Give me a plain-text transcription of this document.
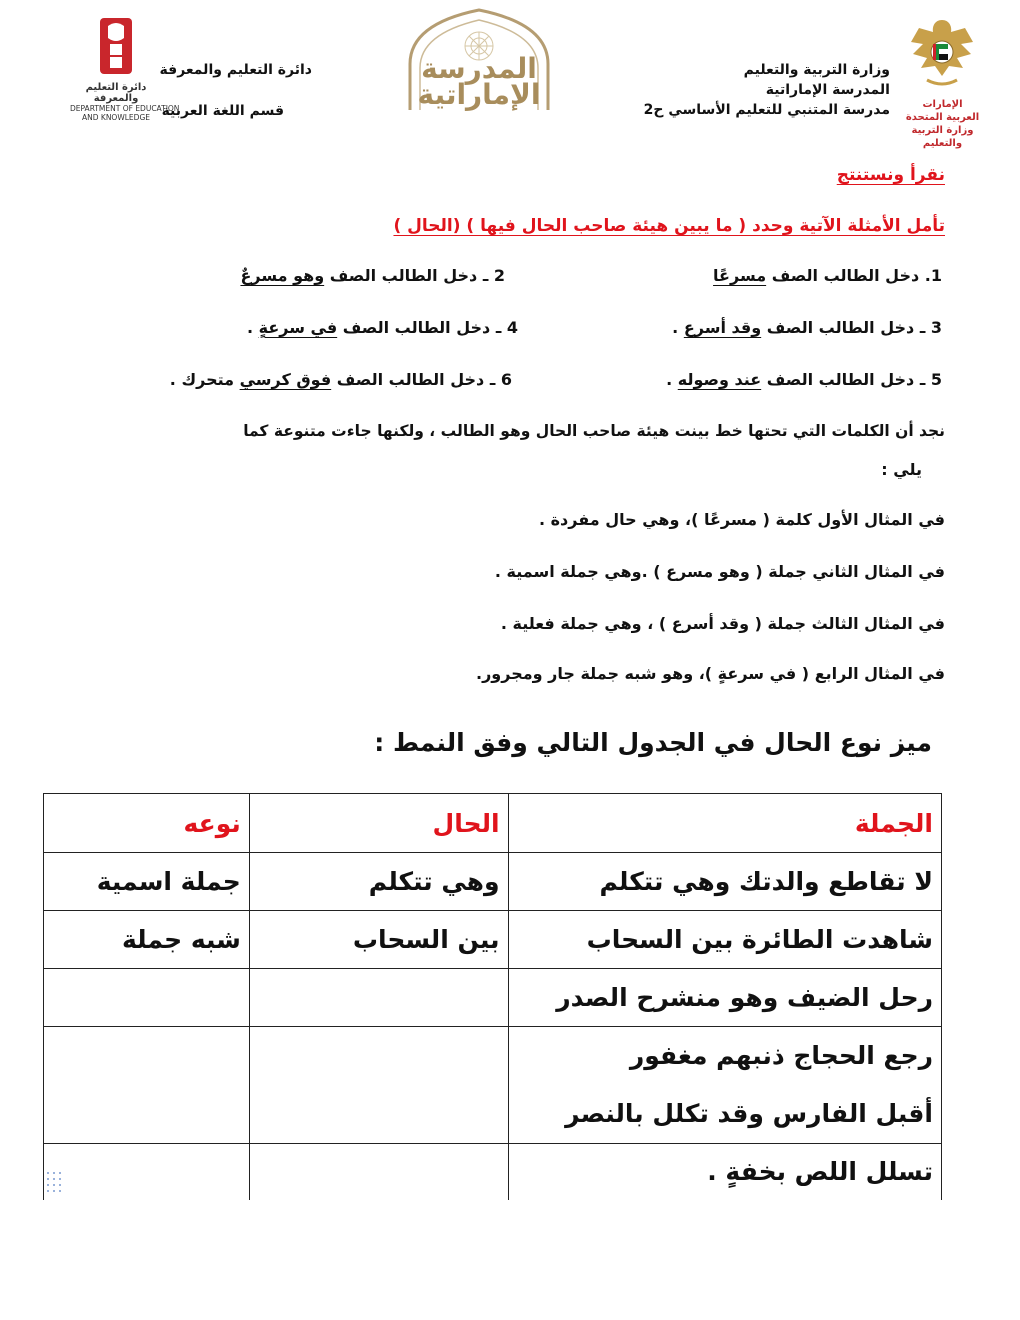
الإمارات العربية المتحدة
وزارة التربية والتعليم
وزارة التربية والتعليم
المدرسة الإماراتية
مدرسة المتنبي للتعليم الأساسي ح2
المدرسة
الإماراتية
دائرة التعليم والمعرفة
قسم اللغة العربية
دائرة التعليم والمعرفة
DEPARTMENT OF EDUCATION
AND KNOWLEDGE
نقرأ ونستنتج
تأمل الأمثلة الآتية وحدد ( ما يبين هيئة صاحب الحال فيها ) (الحال )
1. دخل الطالب الصف مسرعًا
2 ـ دخل الطالب الصف وهو مسرعٌ
3 ـ دخل الطالب الصف وقد أسرع .
4 ـ دخل الطالب الصف في سرعةٍ .
5 ـ دخل الطالب الصف عند وصوله .
6 ـ دخل الطالب الصف فوق كرسي متحرك .
نجد أن الكلمات التي تحتها خط بينت هيئة صاحب الحال وهو الطالب ، ولكنها جاءت متنوعة كما
يلي :
في المثال الأول كلمة ( مسرعًا )، وهي حال مفردة .
في المثال الثاني جملة ( وهو مسرع ) .وهي جملة اسمية .
في المثال الثالث جملة ( وقد أسرع ) ، وهي جملة فعلية .
في المثال الرابع ( في سرعةٍ )، وهو شبه جملة جار ومجرور.
ميز نوع الحال في الجدول التالي وفق النمط :
الجملة	الحال	نوعه
لا تقاطع والدتك وهي تتكلم	وهي تتكلم	جملة اسمية
شاهدت الطائرة بين السحاب	بين السحاب	شبه جملة
رحل الضيف وهو منشرح الصدر		

رجع الحجاج ذنبهم مغفور
أقبل الفارس وقد تكلل بالنصر		

تسلل اللص بخفةٍ .		
